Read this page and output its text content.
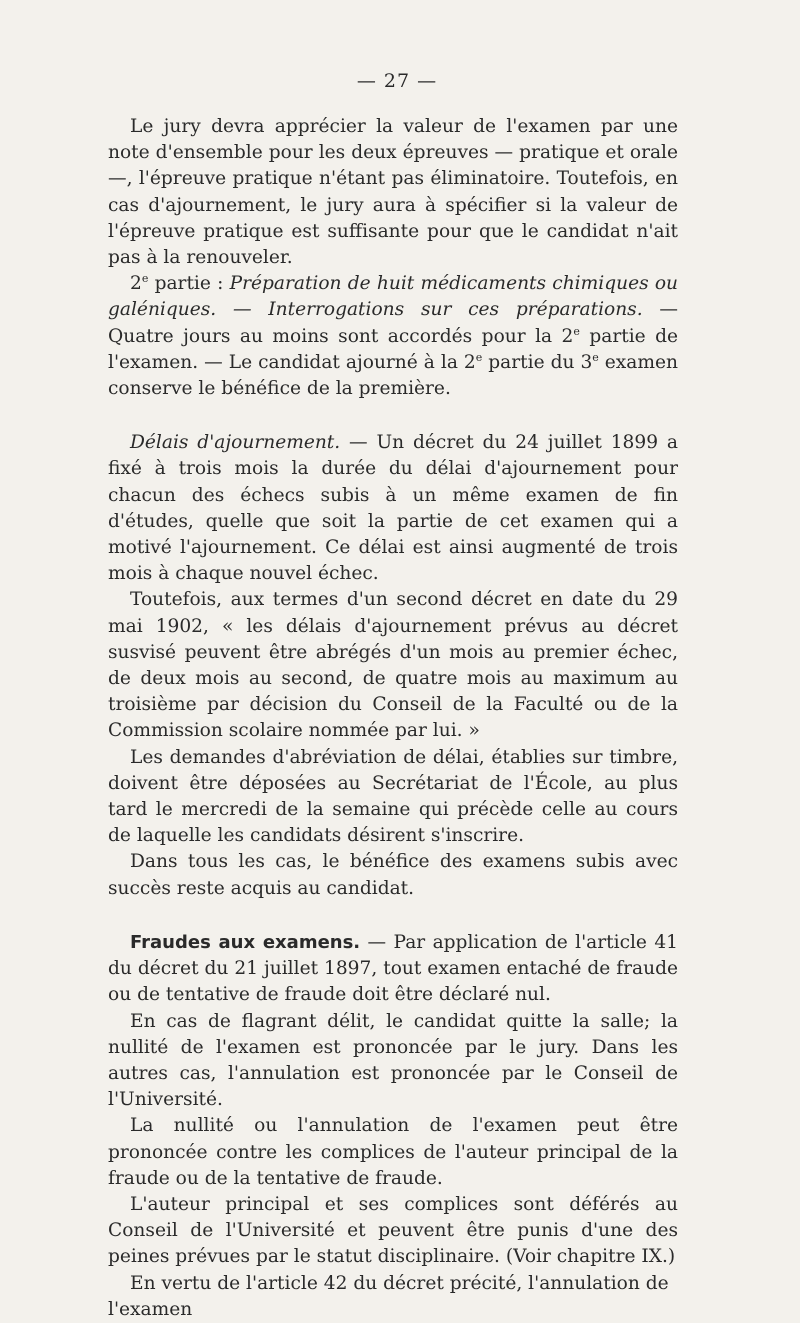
— 27 —

Le jury devra apprécier la valeur de l'examen par une note d'ensemble pour les deux épreuves — pratique et orale —, l'épreuve pratique n'étant pas éliminatoire. Toutefois, en cas d'ajournement, le jury aura à spécifier si la valeur de l'épreuve pratique est suffisante pour que le candidat n'ait pas à la renouveler.

2e partie : Préparation de huit médicaments chimiques ou galéniques. — Interrogations sur ces préparations. — Quatre jours au moins sont accordés pour la 2e partie de l'examen. — Le candidat ajourné à la 2e partie du 3e examen conserve le bénéfice de la première.

Délais d'ajournement. — Un décret du 24 juillet 1899 a fixé à trois mois la durée du délai d'ajournement pour chacun des échecs subis à un même examen de fin d'études, quelle que soit la partie de cet examen qui a motivé l'ajournement. Ce délai est ainsi augmenté de trois mois à chaque nouvel échec.

Toutefois, aux termes d'un second décret en date du 29 mai 1902, « les délais d'ajournement prévus au décret susvisé peuvent être abrégés d'un mois au premier échec, de deux mois au second, de quatre mois au maximum au troisième par décision du Conseil de la Faculté ou de la Commission scolaire nommée par lui. »

Les demandes d'abréviation de délai, établies sur timbre, doivent être déposées au Secrétariat de l'École, au plus tard le mercredi de la semaine qui précède celle au cours de laquelle les candidats désirent s'inscrire.

Dans tous les cas, le bénéfice des examens subis avec succès reste acquis au candidat.

Fraudes aux examens. — Par application de l'article 41 du décret du 21 juillet 1897, tout examen entaché de fraude ou de tentative de fraude doit être déclaré nul.

En cas de flagrant délit, le candidat quitte la salle; la nullité de l'examen est prononcée par le jury. Dans les autres cas, l'annulation est prononcée par le Conseil de l'Université.

La nullité ou l'annulation de l'examen peut être prononcée contre les complices de l'auteur principal de la fraude ou de la tentative de fraude.

L'auteur principal et ses complices sont déférés au Conseil de l'Université et peuvent être punis d'une des peines prévues par le statut disciplinaire. (Voir chapitre IX.)

En vertu de l'article 42 du décret précité, l'annulation de l'examen
